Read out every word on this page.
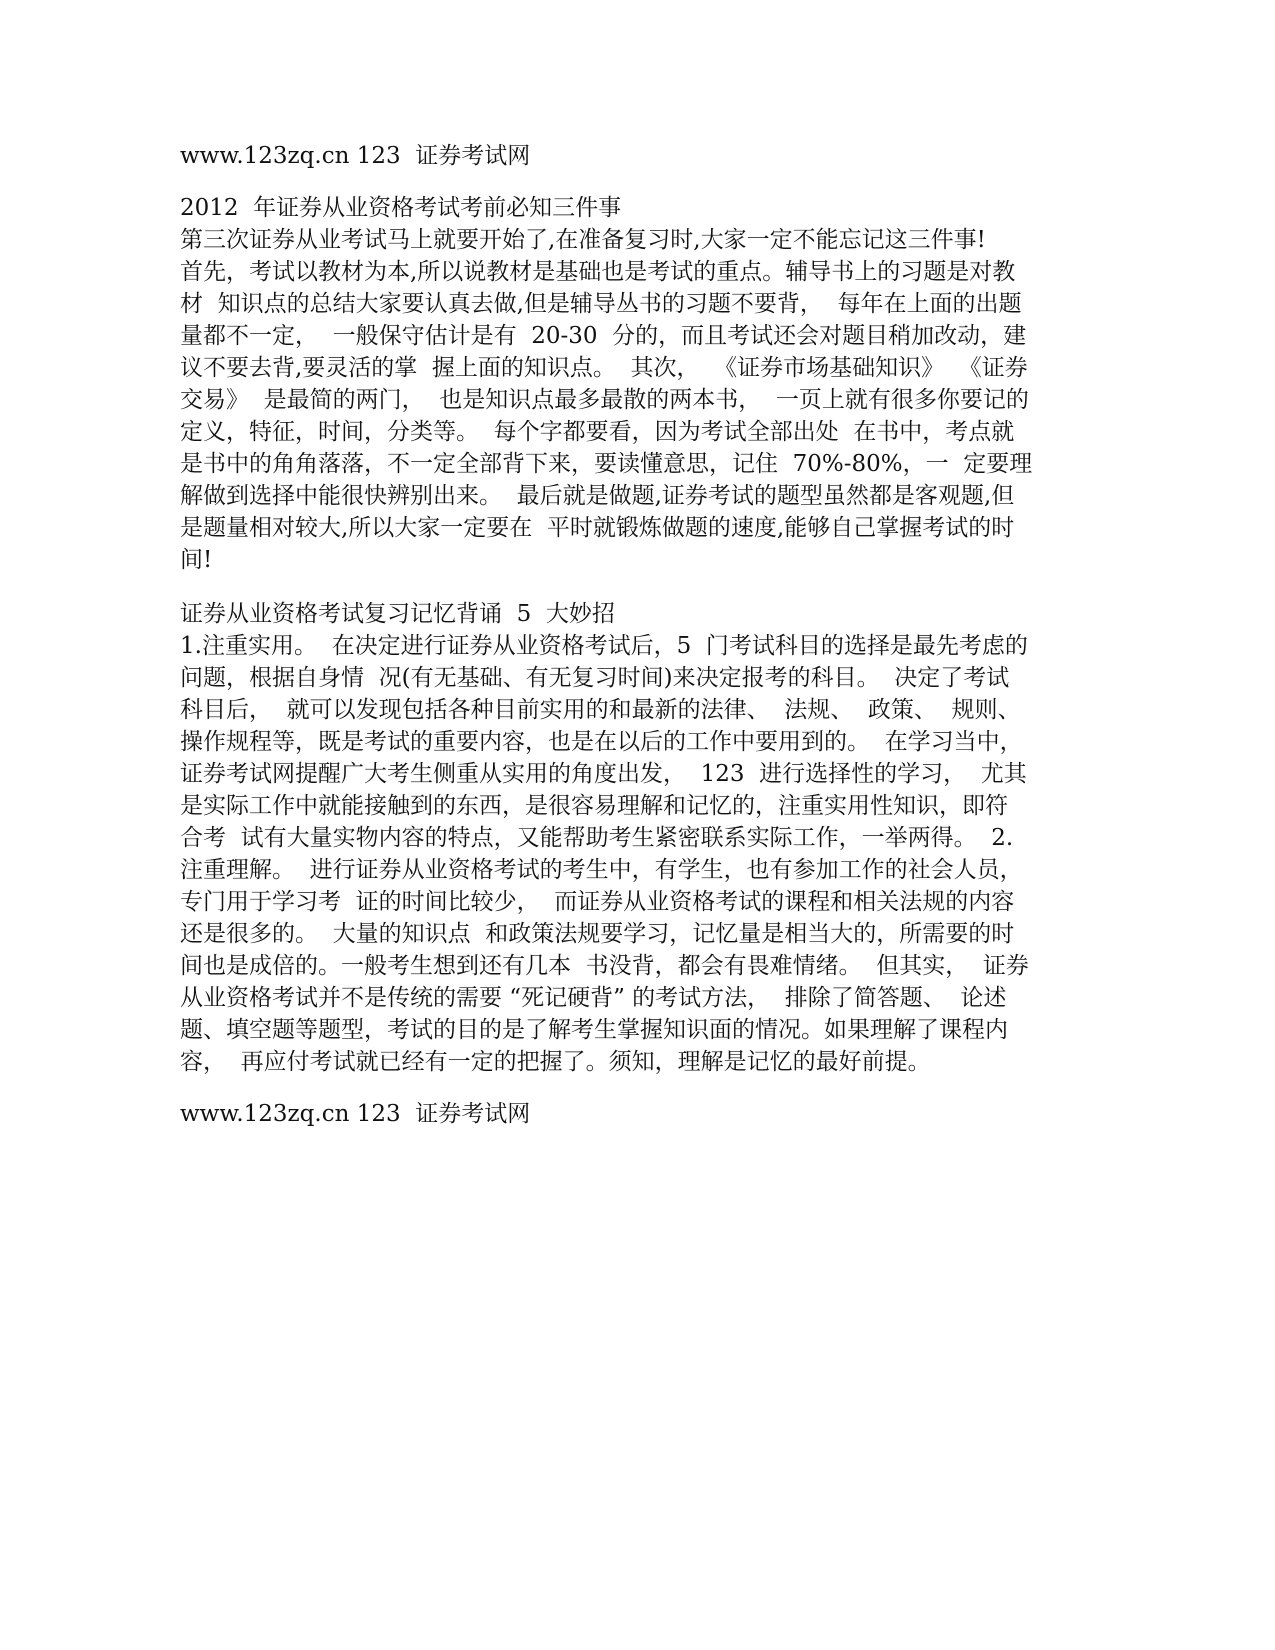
www.123zq.cn 123  证券考试网

2012  年证券从业资格考试考前必知三件事

第三次证券从业考试马上就要开始了,在准备复习时,大家一定不能忘记这三件事!

首先，考试以教材为本,所以说教材是基础也是考试的重点。辅导书上的习题是对教

材  知识点的总结大家要认真去做,但是辅导丛书的习题不要背，  每年在上面的出题

量都不一定，  一般保守估计是有  20-30  分的，而且考试还会对题目稍加改动，建

议不要去背,要灵活的掌  握上面的知识点。  其次，  《证券市场基础知识》  《证券

交易》  是最简的两门，  也是知识点最多最散的两本书，  一页上就有很多你要记的

定义，特征，时间，分类等。  每个字都要看，因为考试全部出处  在书中，考点就

是书中的角角落落，不一定全部背下来，要读懂意思，记住  70%-80%，一  定要理

解做到选择中能很快辨别出来。  最后就是做题,证券考试的题型虽然都是客观题,但

是题量相对较大,所以大家一定要在  平时就锻炼做题的速度,能够自己掌握考试的时

间!

证券从业资格考试复习记忆背诵  5  大妙招

1.注重实用。  在决定进行证券从业资格考试后，5  门考试科目的选择是最先考虑的

问题，根据自身情  况(有无基础、有无复习时间)来决定报考的科目。  决定了考试

科目后，  就可以发现包括各种目前实用的和最新的法律、  法规、  政策、  规则、

操作规程等，既是考试的重要内容，也是在以后的工作中要用到的。  在学习当中，

证券考试网提醒广大考生侧重从实用的角度出发，  123  进行选择性的学习，  尤其

是实际工作中就能接触到的东西，是很容易理解和记忆的，注重实用性知识，即符

合考  试有大量实物内容的特点，又能帮助考生紧密联系实际工作，一举两得。  2.

注重理解。  进行证券从业资格考试的考生中，有学生，也有参加工作的社会人员，

专门用于学习考  证的时间比较少，  而证券从业资格考试的课程和相关法规的内容

还是很多的。  大量的知识点  和政策法规要学习，记忆量是相当大的，所需要的时

间也是成倍的。一般考生想到还有几本  书没背，都会有畏难情绪。  但其实，  证券

从业资格考试并不是传统的需要 “死记硬背” 的考试方法，  排除了简答题、  论述

题、填空题等题型，考试的目的是了解考生掌握知识面的情况。如果理解了课程内

容，  再应付考试就已经有一定的把握了。须知，理解是记忆的最好前提。

www.123zq.cn 123  证券考试网
